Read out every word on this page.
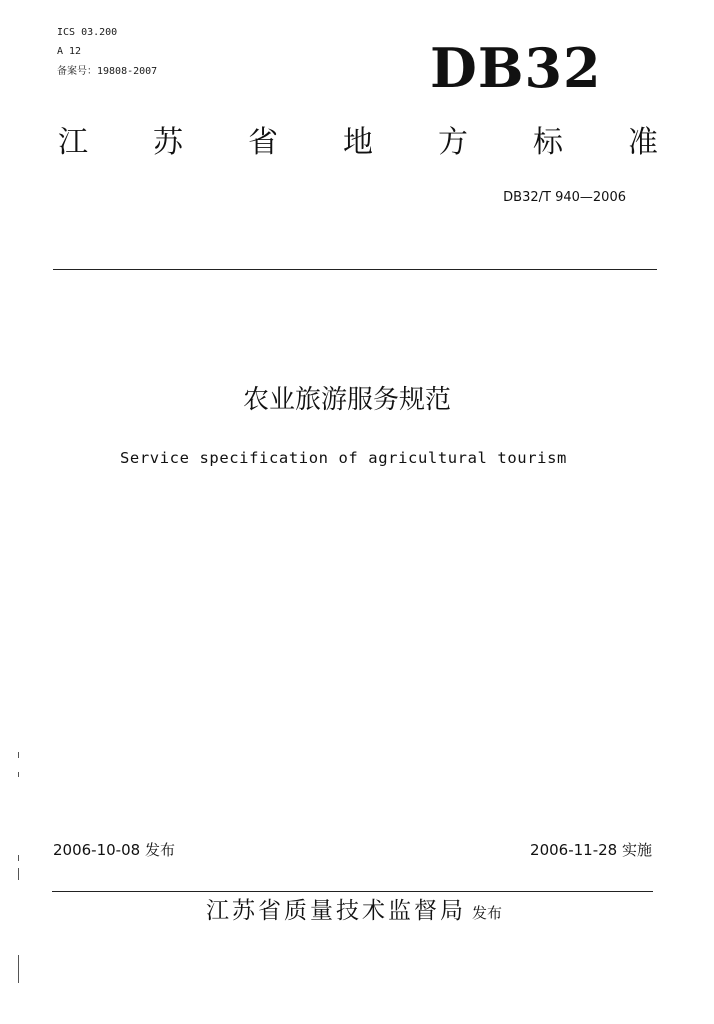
ICS 03.200
A 12
备案号：19808-2007	DB32
江 苏 省 地 方 标 准
DB32/T 940—2006
农业旅游服务规范
Service specification of agricultural tourism
2006-10-08 发布	2006-11-28 实施
江苏省质量技术监督局 发布
